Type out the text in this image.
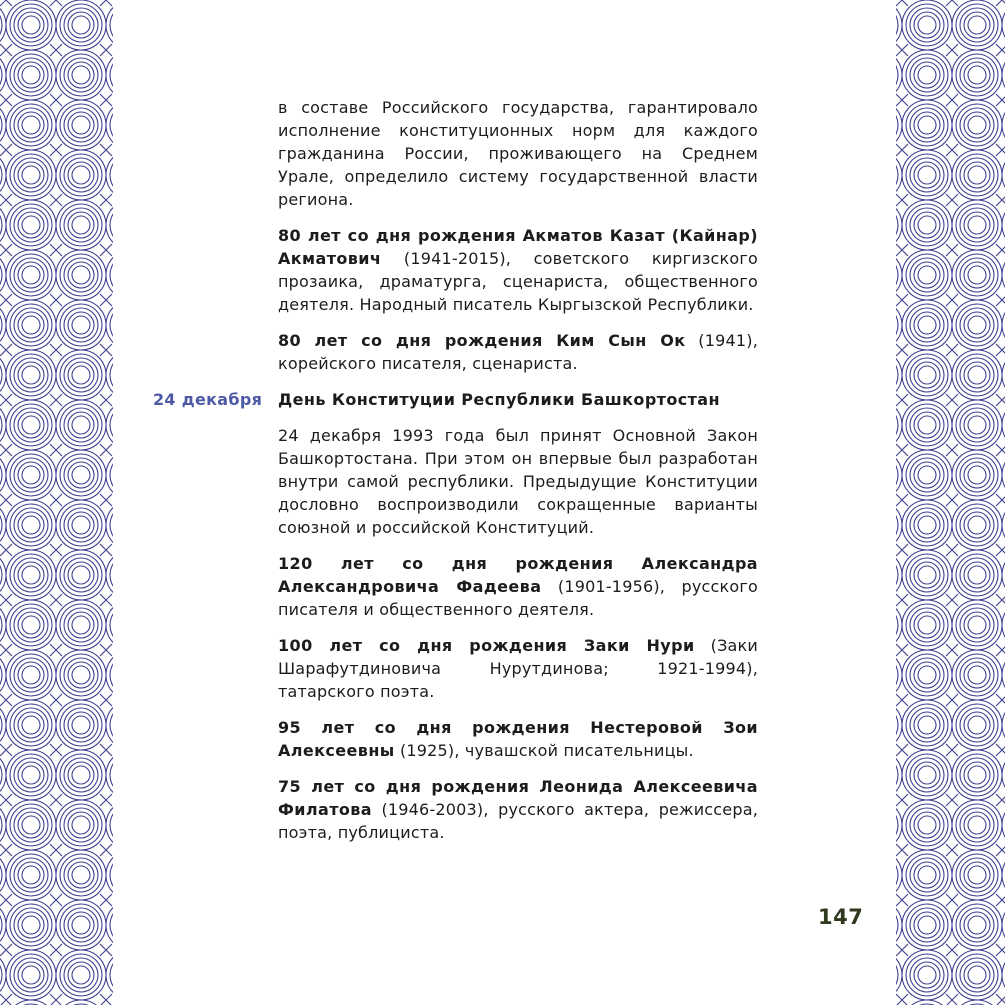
в составе Российского государства, гарантировало исполнение конституционных норм для каждого гражданина России, проживающего на Среднем Урале, определило систему государственной власти региона.

80 лет со дня рождения Акматов Казат (Кайнар) Акматович (1941-2015), советского киргизского прозаика, драматурга, сценариста, общественного деятеля. Народный писатель Кыргызской Республики.

80 лет со дня рождения Ким Сын Ок (1941), корейского писателя, сценариста.

24 декабря День Конституции Республики Башкортостан

24 декабря 1993 года был принят Основной Закон Башкортостана. При этом он впервые был разработан внутри самой республики. Предыдущие Конституции дословно воспроизводили сокращенные варианты союзной и российской Конституций.

120 лет со дня рождения Александра Александровича Фадеева (1901-1956), русского писателя и общественного деятеля.

100 лет со дня рождения Заки Нури (Заки Шарафутдиновича Нурутдинова; 1921-1994), татарского поэта.

95 лет со дня рождения Нестеровой Зои Алексеевны (1925), чувашской писательницы.

75 лет со дня рождения Леонида Алексеевича Филатова (1946-2003), русского актера, режиссера, поэта, публициста.

147
